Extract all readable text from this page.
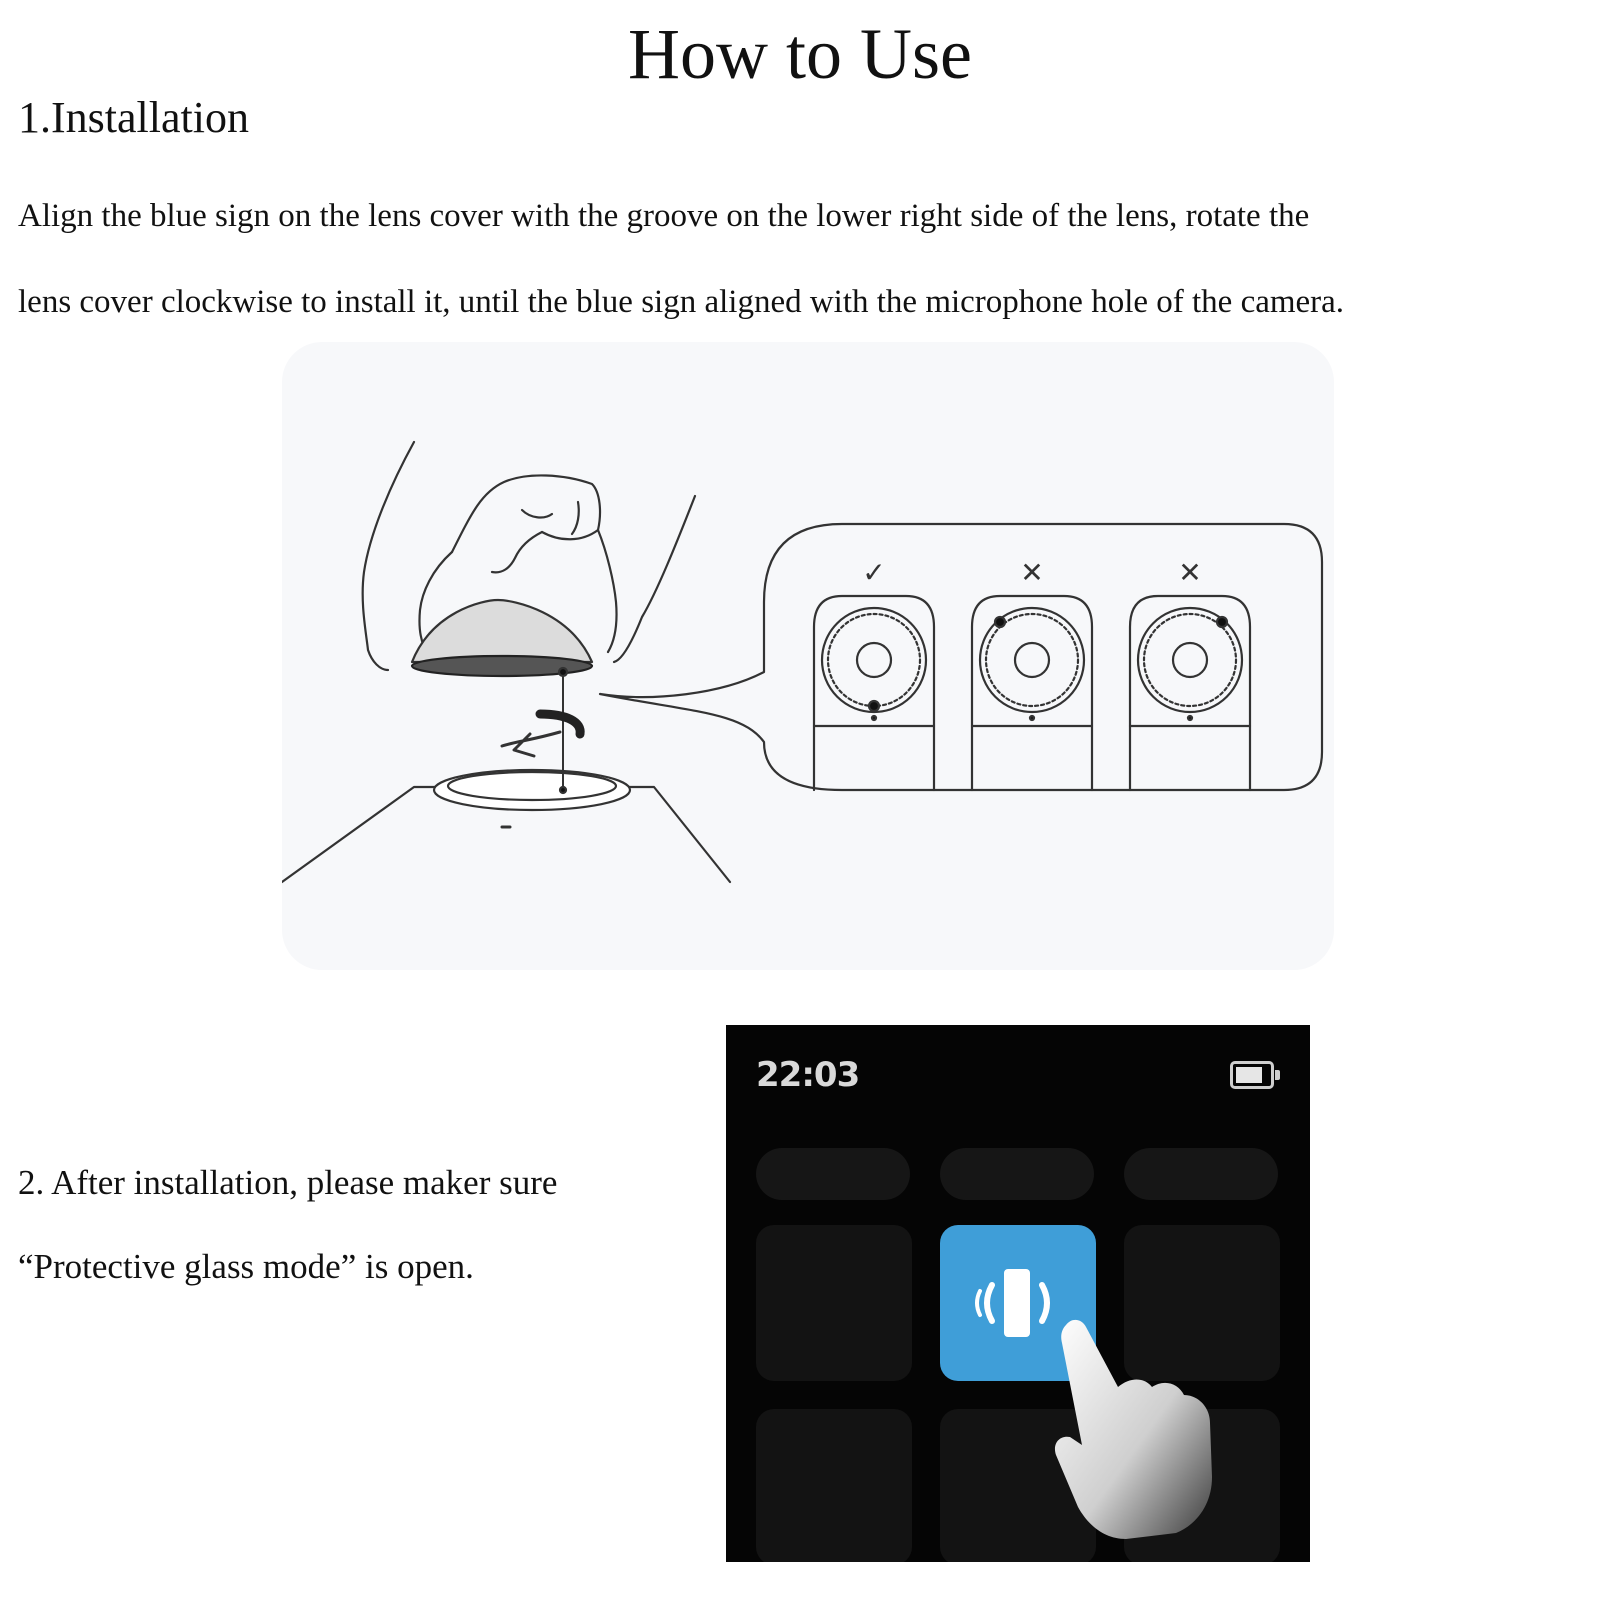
How to Use
1.Installation
Align the blue sign on the lens cover with the groove on the lower right side of the lens, rotate the
lens cover clockwise to install it, until the blue sign aligned with the microphone hole of the camera.
✓	✕	✕
2. After installation, please maker sure
“Protective glass mode” is open.
22:03
